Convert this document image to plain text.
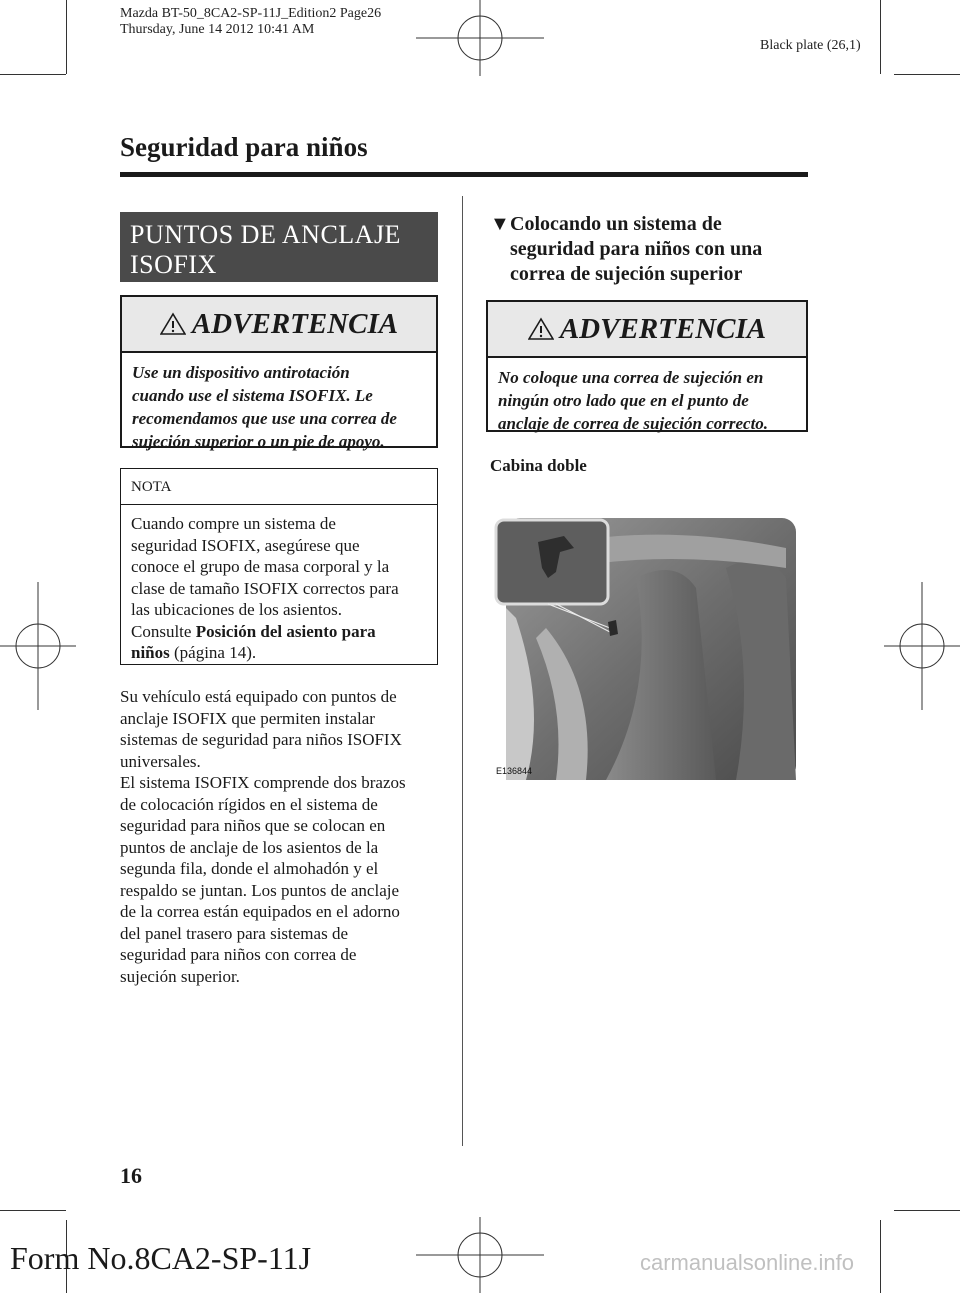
Mazda BT-50_8CA2-SP-11J_Edition2 Page26
Thursday, June 14 2012 10:41 AM
Black plate (26,1)
Seguridad para niños
PUNTOS DE ANCLAJE
ISOFIX
ADVERTENCIA
Use un dispositivo antirotación
cuando use el sistema ISOFIX. Le
recomendamos que use una correa de
sujeción superior o un pie de apoyo.
NOTA
Cuando compre un sistema de
seguridad ISOFIX, asegúrese que
conoce el grupo de masa corporal y la
clase de tamaño ISOFIX correctos para
las ubicaciones de los asientos.
Consulte Posición del asiento para
niños (página 14).
Su vehículo está equipado con puntos de
anclaje ISOFIX que permiten instalar
sistemas de seguridad para niños ISOFIX
universales.
El sistema ISOFIX comprende dos brazos
de colocación rígidos en el sistema de
seguridad para niños que se colocan en
puntos de anclaje de los asientos de la
segunda fila, donde el almohadón y el
respaldo se juntan. Los puntos de anclaje
de la correa están equipados en el adorno
del panel trasero para sistemas de
seguridad para niños con correa de
sujeción superior.
▼ Colocando un sistema de
seguridad para niños con una
correa de sujeción superior
ADVERTENCIA
No coloque una correa de sujeción en
ningún otro lado que en el punto de
anclaje de correa de sujeción correcto.
Cabina doble
E136844
16
Form No.8CA2-SP-11J	carmanualsonline.info
